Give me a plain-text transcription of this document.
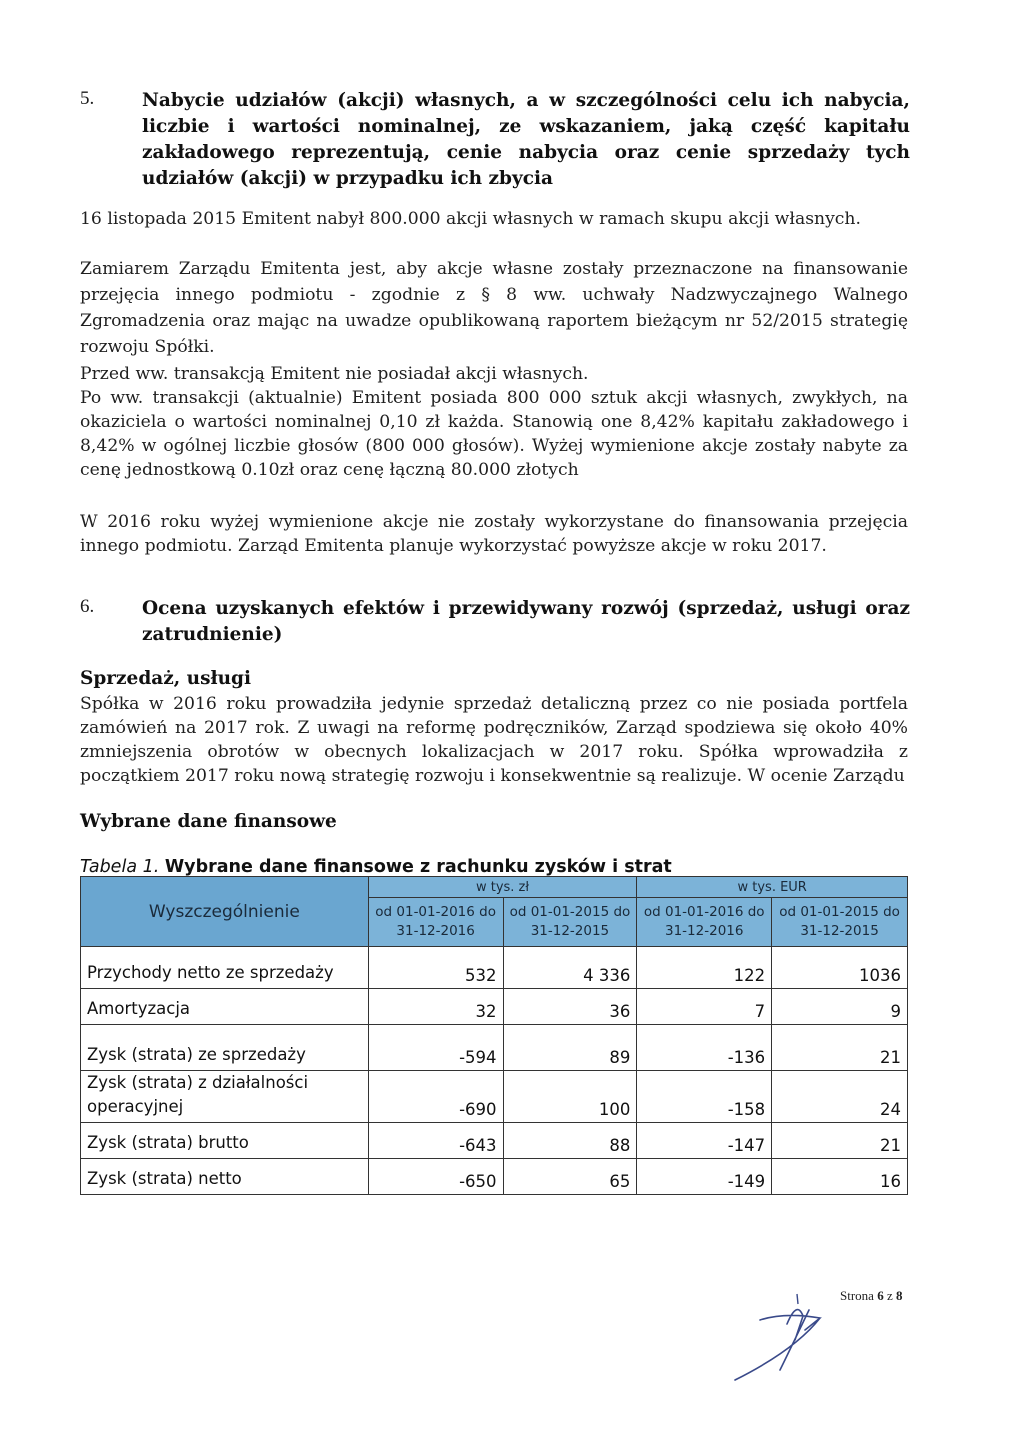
5.	Nabycie udziałów (akcji) własnych, a w szczególności celu ich nabycia, liczbie i wartości nominalnej, ze wskazaniem, jaką część kapitału zakładowego reprezentują, cenie nabycia oraz cenie sprzedaży tych udziałów (akcji) w przypadku ich zbycia

16 listopada 2015 Emitent nabył 800.000 akcji własnych w ramach skupu akcji własnych.

Zamiarem Zarządu Emitenta jest, aby akcje własne zostały przeznaczone na finansowanie przejęcia innego podmiotu - zgodnie z § 8 ww. uchwały Nadzwyczajnego Walnego Zgromadzenia oraz mając na uwadze opublikowaną raportem bieżącym nr 52/2015 strategię rozwoju Spółki.

Przed ww. transakcją Emitent nie posiadał akcji własnych.

Po ww. transakcji (aktualnie) Emitent posiada 800 000 sztuk akcji własnych, zwykłych, na okaziciela o wartości nominalnej 0,10 zł każda. Stanowią one 8,42% kapitału zakładowego i 8,42% w ogólnej liczbie głosów (800 000 głosów). Wyżej wymienione akcje zostały nabyte za cenę jednostkową 0.10zł oraz cenę łączną 80.000 złotych

W 2016 roku wyżej wymienione akcje nie zostały wykorzystane do finansowania przejęcia innego podmiotu. Zarząd Emitenta planuje wykorzystać powyższe akcje w roku 2017.

6.	Ocena uzyskanych efektów i przewidywany rozwój (sprzedaż, usługi oraz zatrudnienie)
Sprzedaż, usługi

Spółka w 2016 roku prowadziła jedynie sprzedaż detaliczną przez co nie posiada portfela zamówień na 2017 rok. Z uwagi na reformę podręczników, Zarząd spodziewa się około 40% zmniejszenia obrotów w obecnych lokalizacjach w 2017 roku. Spółka wprowadziła z początkiem 2017 roku nową strategię rozwoju i konsekwentnie są realizuje. W ocenie Zarządu

Wybrane dane finansowe
Tabela 1. Wybrane dane finansowe z rachunku zysków i strat
Wyszczególnienie	w tys. zł		w tys. EUR	
	od 01-01-2016 do 31-12-2016	od 01-01-2015 do 31-12-2015	od 01-01-2016 do 31-12-2016	od 01-01-2015 do 31-12-2015
Przychody netto ze sprzedaży	532	4 336	122	1036
Amortyzacja	32	36	7	9
Zysk (strata) ze sprzedaży	-594	89	-136	21
Zysk (strata) z działalności operacyjnej	-690	100	-158	24
Zysk (strata) brutto	-643	88	-147	21
Zysk (strata) netto	-650	65	-149	16
Strona 6 z 8
